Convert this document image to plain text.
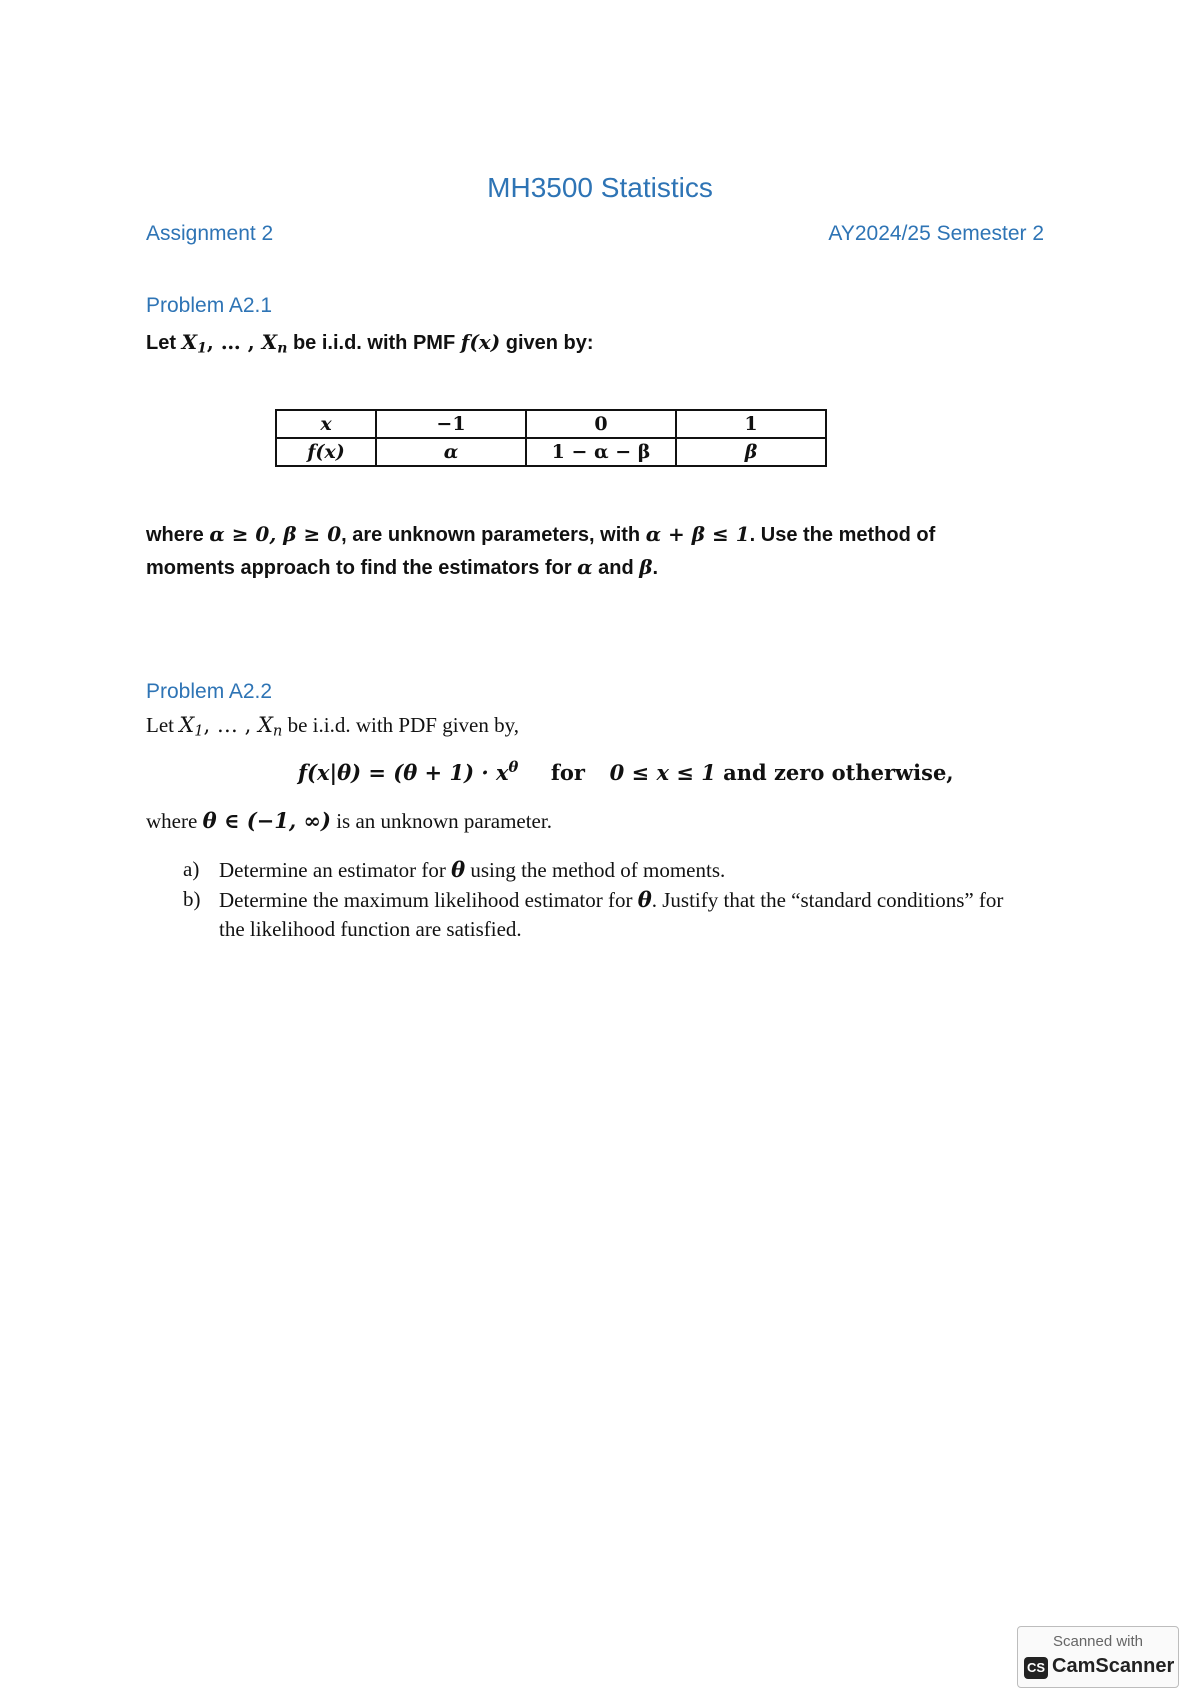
MH3500 Statistics
Assignment 2	AY2024/25 Semester 2
Problem A2.1
Let $X_1$, … , $X_n$ be i.i.d. with PMF f(x) given by:
x	−1	0	1
f(x)	α	1 − α − β	β
where α ≥ 0, β ≥ 0, are unknown parameters, with α + β ≤ 1. Use the method of
moments approach to find the estimators for α and β.
Problem A2.2
Let $X_1$, … , $X_n$ be i.i.d. with PDF given by,
$f(x|\theta) = (\theta + 1) \cdot x^\theta$ for 0 ≤ x ≤ 1 and zero otherwise,
where θ ∈ (−1, ∞) is an unknown parameter.
a) Determine an estimator for θ using the method of moments.
b) Determine the maximum likelihood estimator for θ. Justify that the “standard conditions” for the likelihood function are satisfied.
Scanned with
CS CamScanner
